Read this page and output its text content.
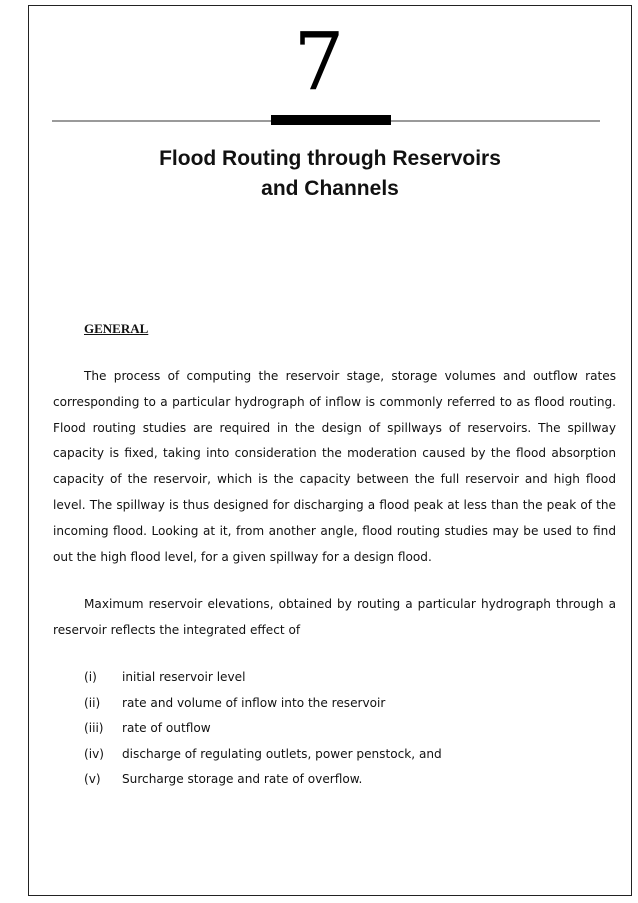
7
Flood Routing through Reservoirs
and Channels
GENERAL

The process of computing the reservoir stage, storage volumes and outflow rates corresponding to a particular hydrograph of inflow is commonly referred to as flood routing. Flood routing studies are required in the design of spillways of reservoirs. The spillway capacity is fixed, taking into consideration the moderation caused by the flood absorption capacity of the reservoir, which is the capacity between the full reservoir and high flood level. The spillway is thus designed for discharging a flood peak at less than the peak of the incoming flood. Looking at it, from another angle, flood routing studies may be used to find out the high flood level, for a given spillway for a design flood.

Maximum reservoir elevations, obtained by routing a particular hydrograph through a reservoir reflects the integrated effect of

(i) initial reservoir level
(ii) rate and volume of inflow into the reservoir
(iii) rate of outflow
(iv) discharge of regulating outlets, power penstock, and
(v) Surcharge storage and rate of overflow.
